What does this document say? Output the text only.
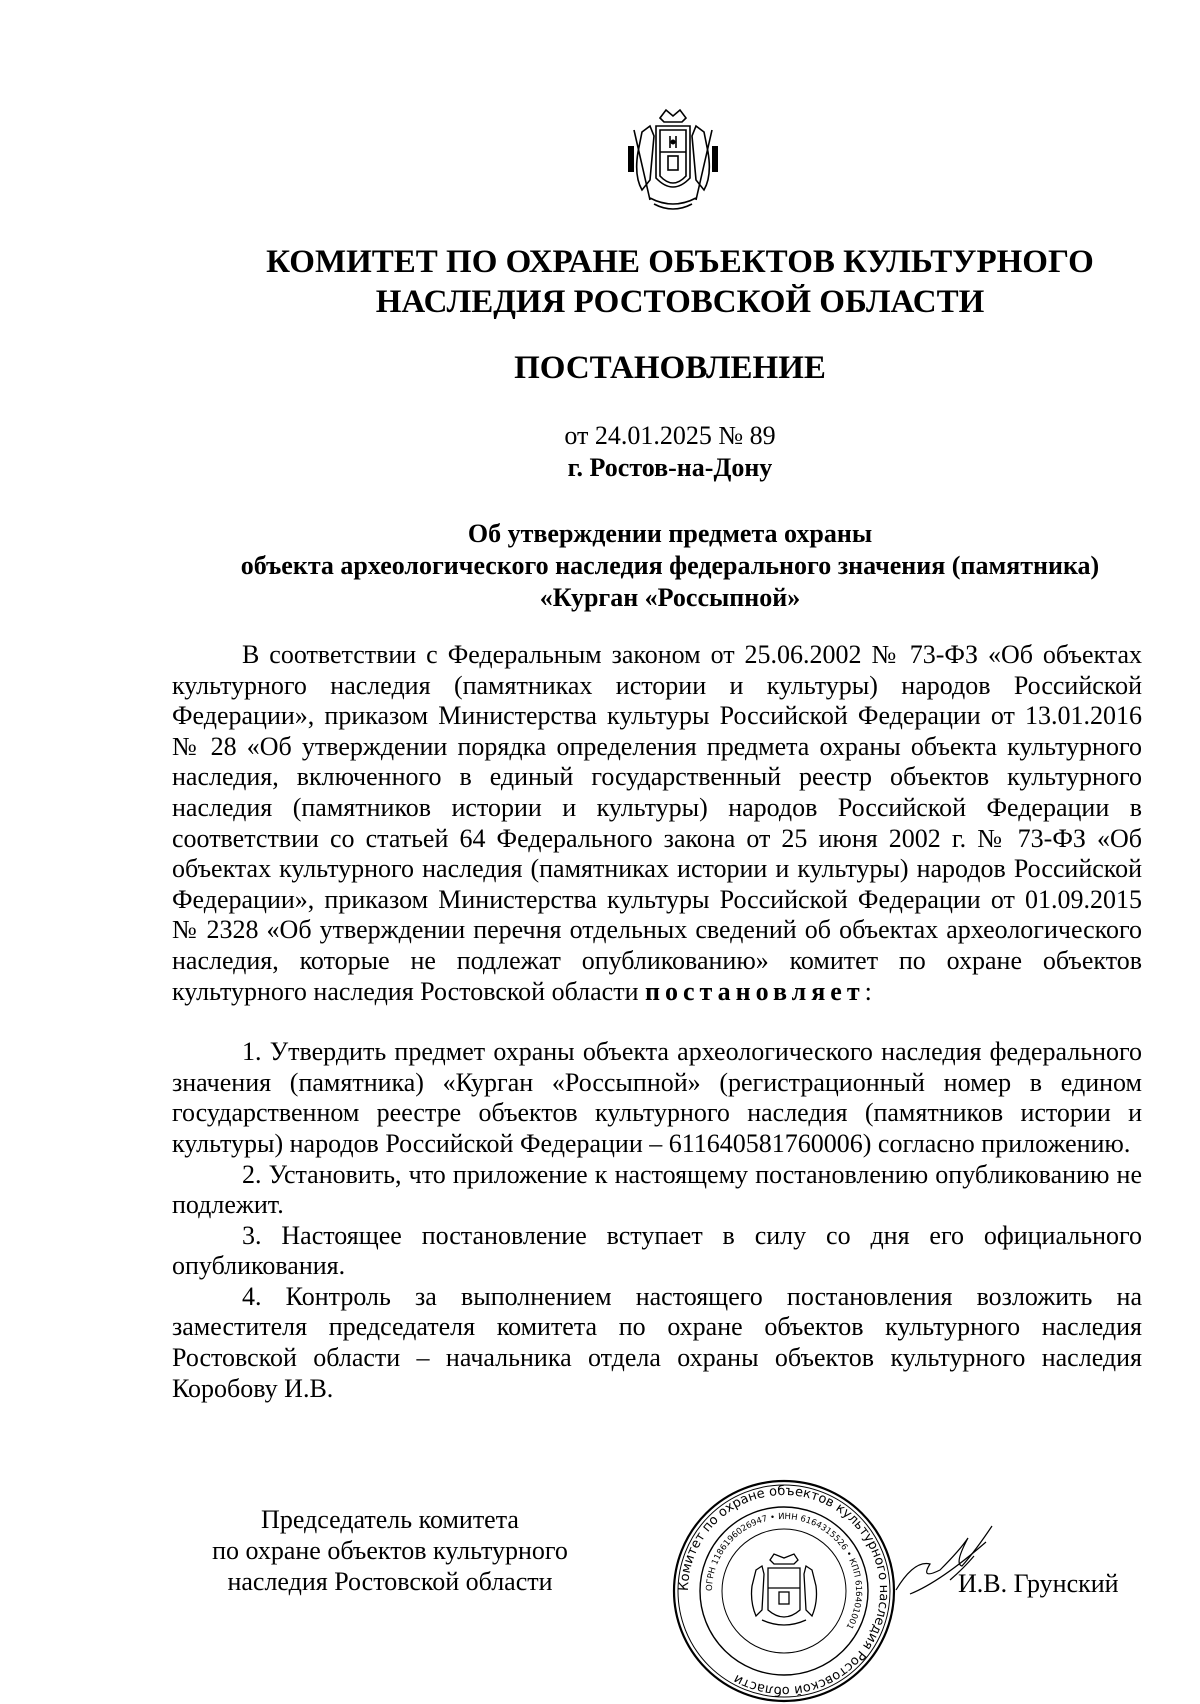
КОМИТЕТ ПО ОХРАНЕ ОБЪЕКТОВ КУЛЬТУРНОГО
НАСЛЕДИЯ РОСТОВСКОЙ ОБЛАСТИ
ПОСТАНОВЛЕНИЕ
от 24.01.2025 № 89
г. Ростов-на-Дону
Об утверждении предмета охраны
объекта археологического наследия федерального значения (памятника)
«Курган «Россыпной»

В соответствии с Федеральным законом от 25.06.2002 № 73-ФЗ «Об объектах культурного наследия (памятниках истории и культуры) народов Российской Федерации», приказом Министерства культуры Российской Федерации от 13.01.2016 № 28 «Об утверждении порядка определения предмета охраны объекта культурного наследия, включенного в единый государственный реестр объектов культурного наследия (памятников истории и культуры) народов Российской Федерации в соответствии со статьей 64 Федерального закона от 25 июня 2002 г. № 73-ФЗ «Об объектах культурного наследия (памятниках истории и культуры) народов Российской Федерации», приказом Министерства культуры Российской Федерации от 01.09.2015 № 2328 «Об утверждении перечня отдельных сведений об объектах археологического наследия, которые не подлежат опубликованию» комитет по охране объектов культурного наследия Ростовской области постановляет:

1. Утвердить предмет охраны объекта археологического наследия федерального значения (памятника) «Курган «Россыпной» (регистрационный номер в едином государственном реестре объектов культурного наследия (памятников истории и культуры) народов Российской Федерации – 611640581760006) согласно приложению.

2. Установить, что приложение к настоящему постановлению опубликованию не подлежит.

3. Настоящее постановление вступает в силу со дня его официального опубликования.

4. Контроль за выполнением настоящего постановления возложить на заместителя председателя комитета по охране объектов культурного наследия Ростовской области – начальника отдела охраны объектов культурного наследия Коробову И.В.

Председатель комитета
по охране объектов культурного
наследия Ростовской области	Комитет по охране объектов культурного наследия Ростовской области
ОГРН 1186196026947 • ИНН 6164315526 • КПП 616401001
И.В. Грунский
